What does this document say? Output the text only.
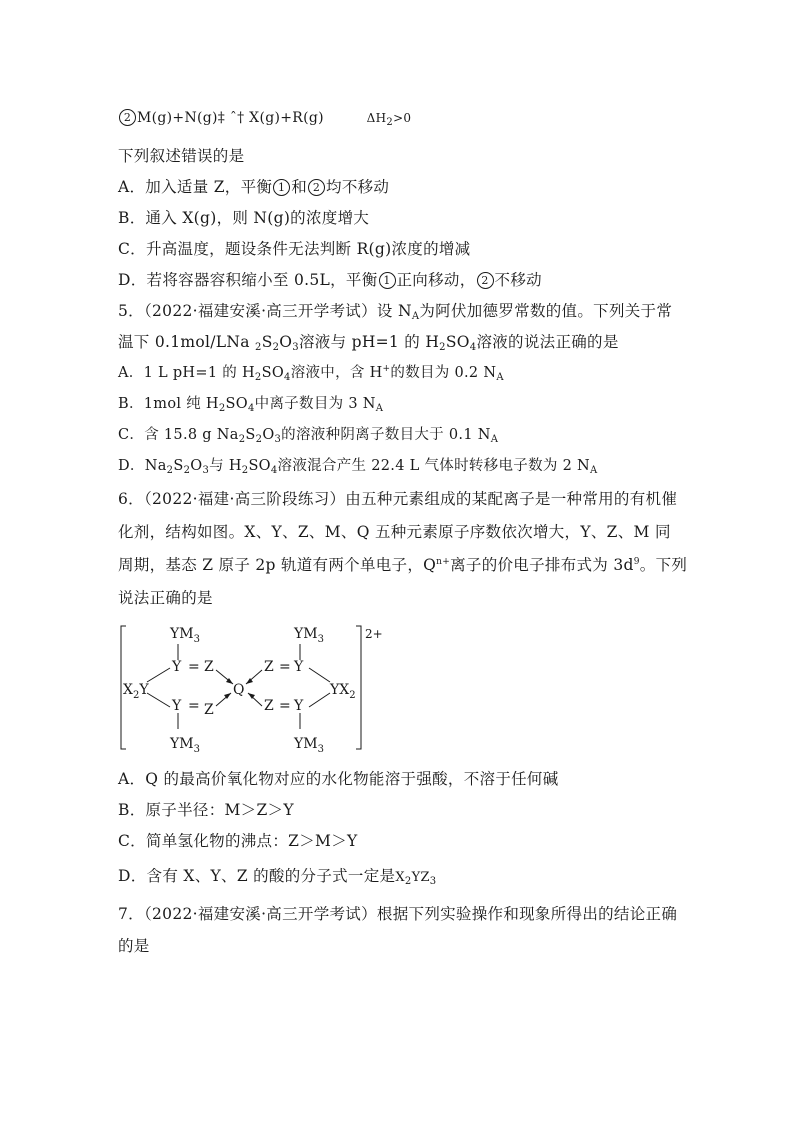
2 M(g)+N(g)‡ ˆ† X(g)+R(g)	$\Delta H_2>0$
下列叙述错误的是
A．加入适量 Z，平衡 1 和 2 均不移动
B．通入 X(g)，则 N(g)的浓度增大
C．升高温度，题设条件无法判断 R(g)浓度的增减
D．若将容器容积缩小至 0.5L，平衡 1 正向移动， 2 不移动
5．（2022·福建安溪·高三开学考试）设 $N_A$为阿伏加德罗常数的值。下列关于常
温下 0.1mol/LNa $_2S_2O_3$溶液与 pH=1 的 $H_2SO_4$溶液的说法正确的是
A．1 L pH=1 的 $H_2SO_4$溶液中，含 H+的数目为 0.2 $N_A$
B．1mol 纯 $H_2SO_4$中离子数目为 3 $N_A$
C．含 15.8 g $Na_2S_2O_3$的溶液种阴离子数目大于 0.1 $N_A$
D．$Na_2S_2O_3$与 $H_2SO_4$溶液混合产生 22.4 L 气体时转移电子数为 2 $N_A$
6．（2022·福建·高三阶段练习）由五种元素组成的某配离子是一种常用的有机催
化剂，结构如图。X、Y、Z、M、Q 五种元素原子序数依次增大，Y、Z、M 同
周期，基态 Z 原子 2p 轨道有两个单电子，$Q^{n+}$离子的价电子排布式为 $3d^9$。下列
说法正确的是
$YM_3$	$YM_3$
$YM_3$	$YM_3$
Y = Z
Y = Z
Z = Y
Z = Y
Q
$X_2Y$	$YX_2$
2+
A．Q 的最高价氧化物对应的水化物能溶于强酸，不溶于任何碱
B．原子半径：M＞Z＞Y
C．简单氢化物的沸点：Z＞M＞Y
D．含有 X、Y、Z 的酸的分子式一定是$X_2YZ_3$
7．（2022·福建安溪·高三开学考试）根据下列实验操作和现象所得出的结论正确
的是
